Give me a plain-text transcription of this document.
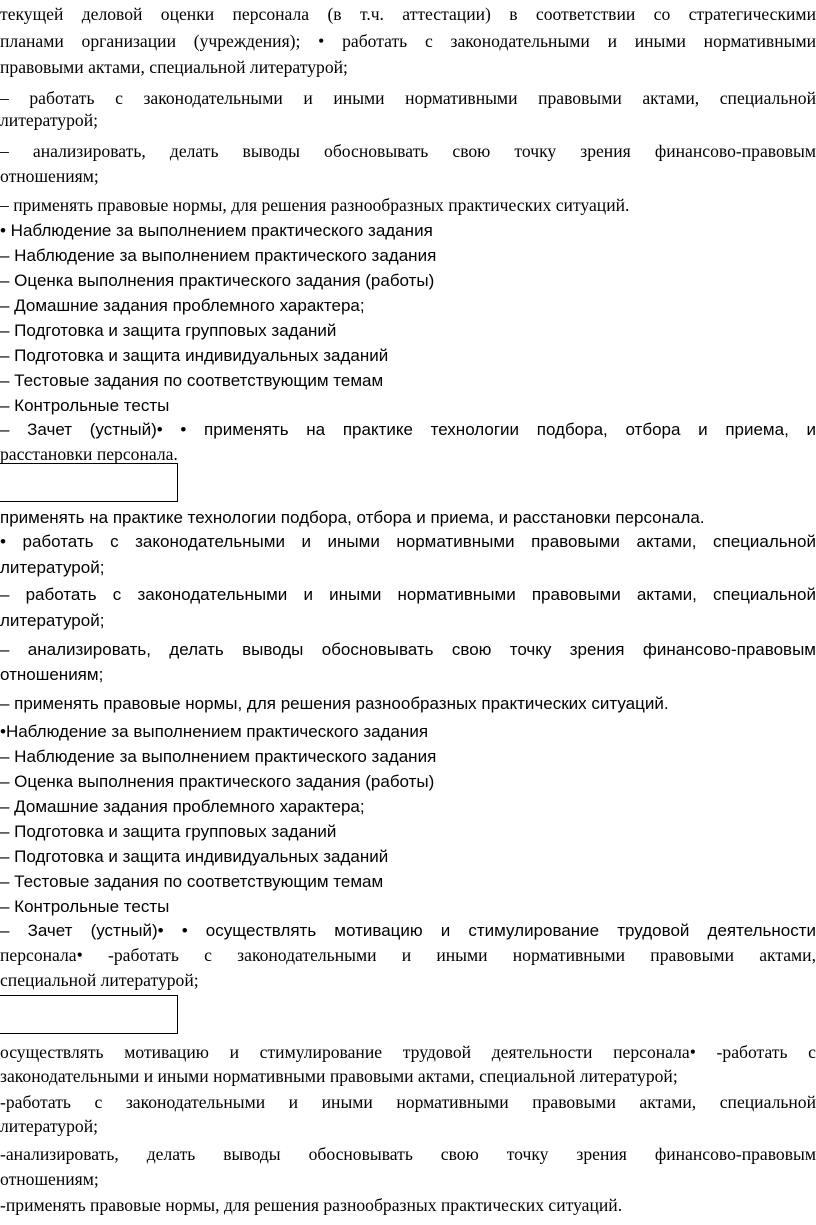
текущей деловой оценки персонала (в т.ч. аттестации) в соответствии со стратегическими

планами организации (учреждения); • работать с законодательными и иными нормативными

правовыми актами, специальной литературой;

– работать с законодательными и иными нормативными правовыми актами, специальной

литературой;

– анализировать, делать выводы обосновывать свою точку зрения финансово-правовым

отношениям;

– применять правовые нормы, для решения разнообразных практических ситуаций.

• Наблюдение за выполнением практического задания

– Наблюдение за выполнением практического задания

– Оценка выполнения практического задания (работы)

– Домашние задания проблемного характера;

– Подготовка и защита групповых заданий

– Подготовка и защита индивидуальных заданий

– Тестовые задания по соответствующим темам

– Контрольные тесты

– Зачет (устный)• • применять на практике технологии подбора, отбора и приема, и

расстановки персонала.

применять на практике технологии подбора, отбора и приема, и расстановки персонала.

• работать с законодательными и иными нормативными правовыми актами, специальной

литературой;

– работать с законодательными и иными нормативными правовыми актами, специальной

литературой;

– анализировать, делать выводы обосновывать свою точку зрения финансово-правовым

отношениям;

– применять правовые нормы, для решения разнообразных практических ситуаций.

•Наблюдение за выполнением практического задания

– Наблюдение за выполнением практического задания

– Оценка выполнения практического задания (работы)

– Домашние задания проблемного характера;

– Подготовка и защита групповых заданий

– Подготовка и защита индивидуальных заданий

– Тестовые задания по соответствующим темам

– Контрольные тесты

– Зачет (устный)• • осуществлять мотивацию и стимулирование трудовой деятельности

персонала• -работать с законодательными и иными нормативными правовыми актами,

специальной литературой;

осуществлять мотивацию и стимулирование трудовой деятельности персонала• -работать с

законодательными и иными нормативными правовыми актами, специальной литературой;

-работать с законодательными и иными нормативными правовыми актами, специальной

литературой;

-анализировать, делать выводы обосновывать свою точку зрения финансово-правовым

отношениям;

-применять правовые нормы, для решения разнообразных практических ситуаций.
